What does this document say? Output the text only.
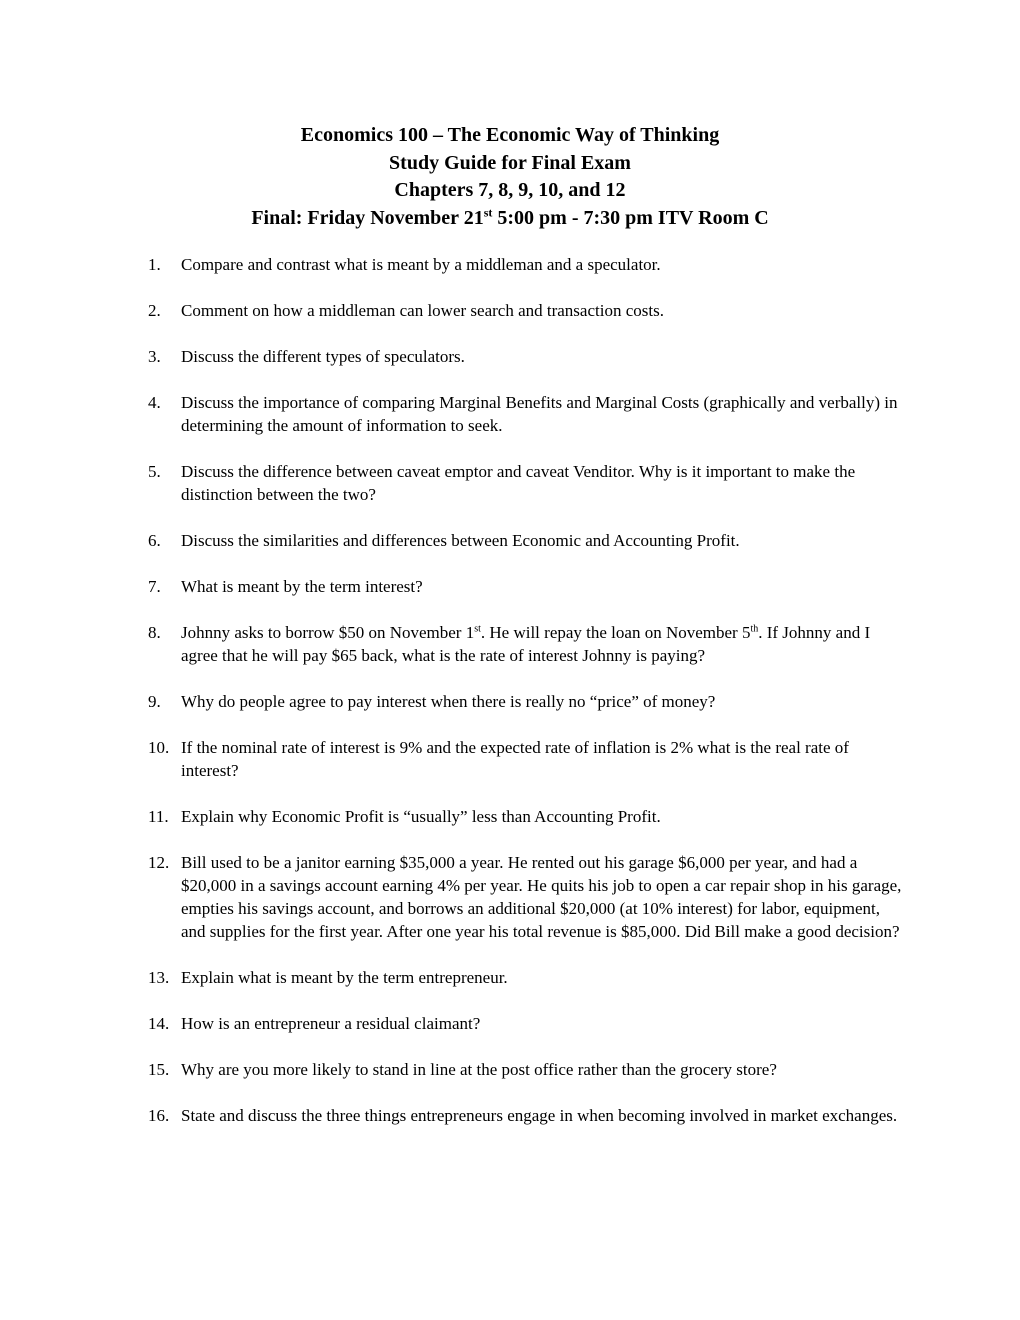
Economics 100 – The Economic Way of Thinking
Study Guide for Final Exam
Chapters 7, 8, 9, 10, and 12
Final: Friday November 21st 5:00 pm - 7:30 pm ITV Room C
1. Compare and contrast what is meant by a middleman and a speculator.
2. Comment on how a middleman can lower search and transaction costs.
3. Discuss the different types of speculators.
4. Discuss the importance of comparing Marginal Benefits and Marginal Costs (graphically and verbally) in determining the amount of information to seek.
5. Discuss the difference between caveat emptor and caveat Venditor. Why is it important to make the distinction between the two?
6. Discuss the similarities and differences between Economic and Accounting Profit.
7. What is meant by the term interest?
8. Johnny asks to borrow $50 on November 1st. He will repay the loan on November 5th. If Johnny and I agree that he will pay $65 back, what is the rate of interest Johnny is paying?
9. Why do people agree to pay interest when there is really no “price” of money?
10. If the nominal rate of interest is 9% and the expected rate of inflation is 2% what is the real rate of interest?
11. Explain why Economic Profit is “usually” less than Accounting Profit.
12. Bill used to be a janitor earning $35,000 a year. He rented out his garage $6,000 per year, and had a $20,000 in a savings account earning 4% per year. He quits his job to open a car repair shop in his garage, empties his savings account, and borrows an additional $20,000 (at 10% interest) for labor, equipment, and supplies for the first year. After one year his total revenue is $85,000. Did Bill make a good decision?
13. Explain what is meant by the term entrepreneur.
14. How is an entrepreneur a residual claimant?
15. Why are you more likely to stand in line at the post office rather than the grocery store?
16. State and discuss the three things entrepreneurs engage in when becoming involved in market exchanges.
